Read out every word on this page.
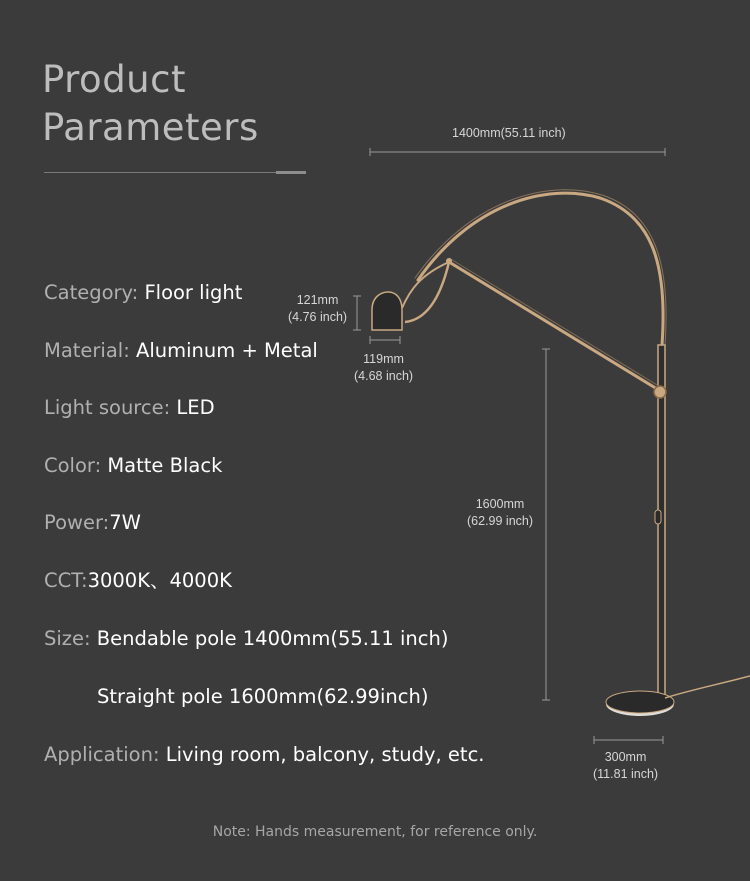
Product
Parameters
Category: Floor light
Material: Aluminum + Metal
Light source: LED
Color: Matte Black
Power:7W
CCT:3000K、4000K
Size: Bendable pole 1400mm(55.11 inch)
Straight pole 1600mm(62.99inch)
Application: Living room, balcony, study, etc.
1400mm(55.11 inch)
121mm
(4.76 inch)
119mm
(4.68 inch)
1600mm
(62.99 inch)
300mm
(11.81 inch)
Note: Hands measurement, for reference only.
